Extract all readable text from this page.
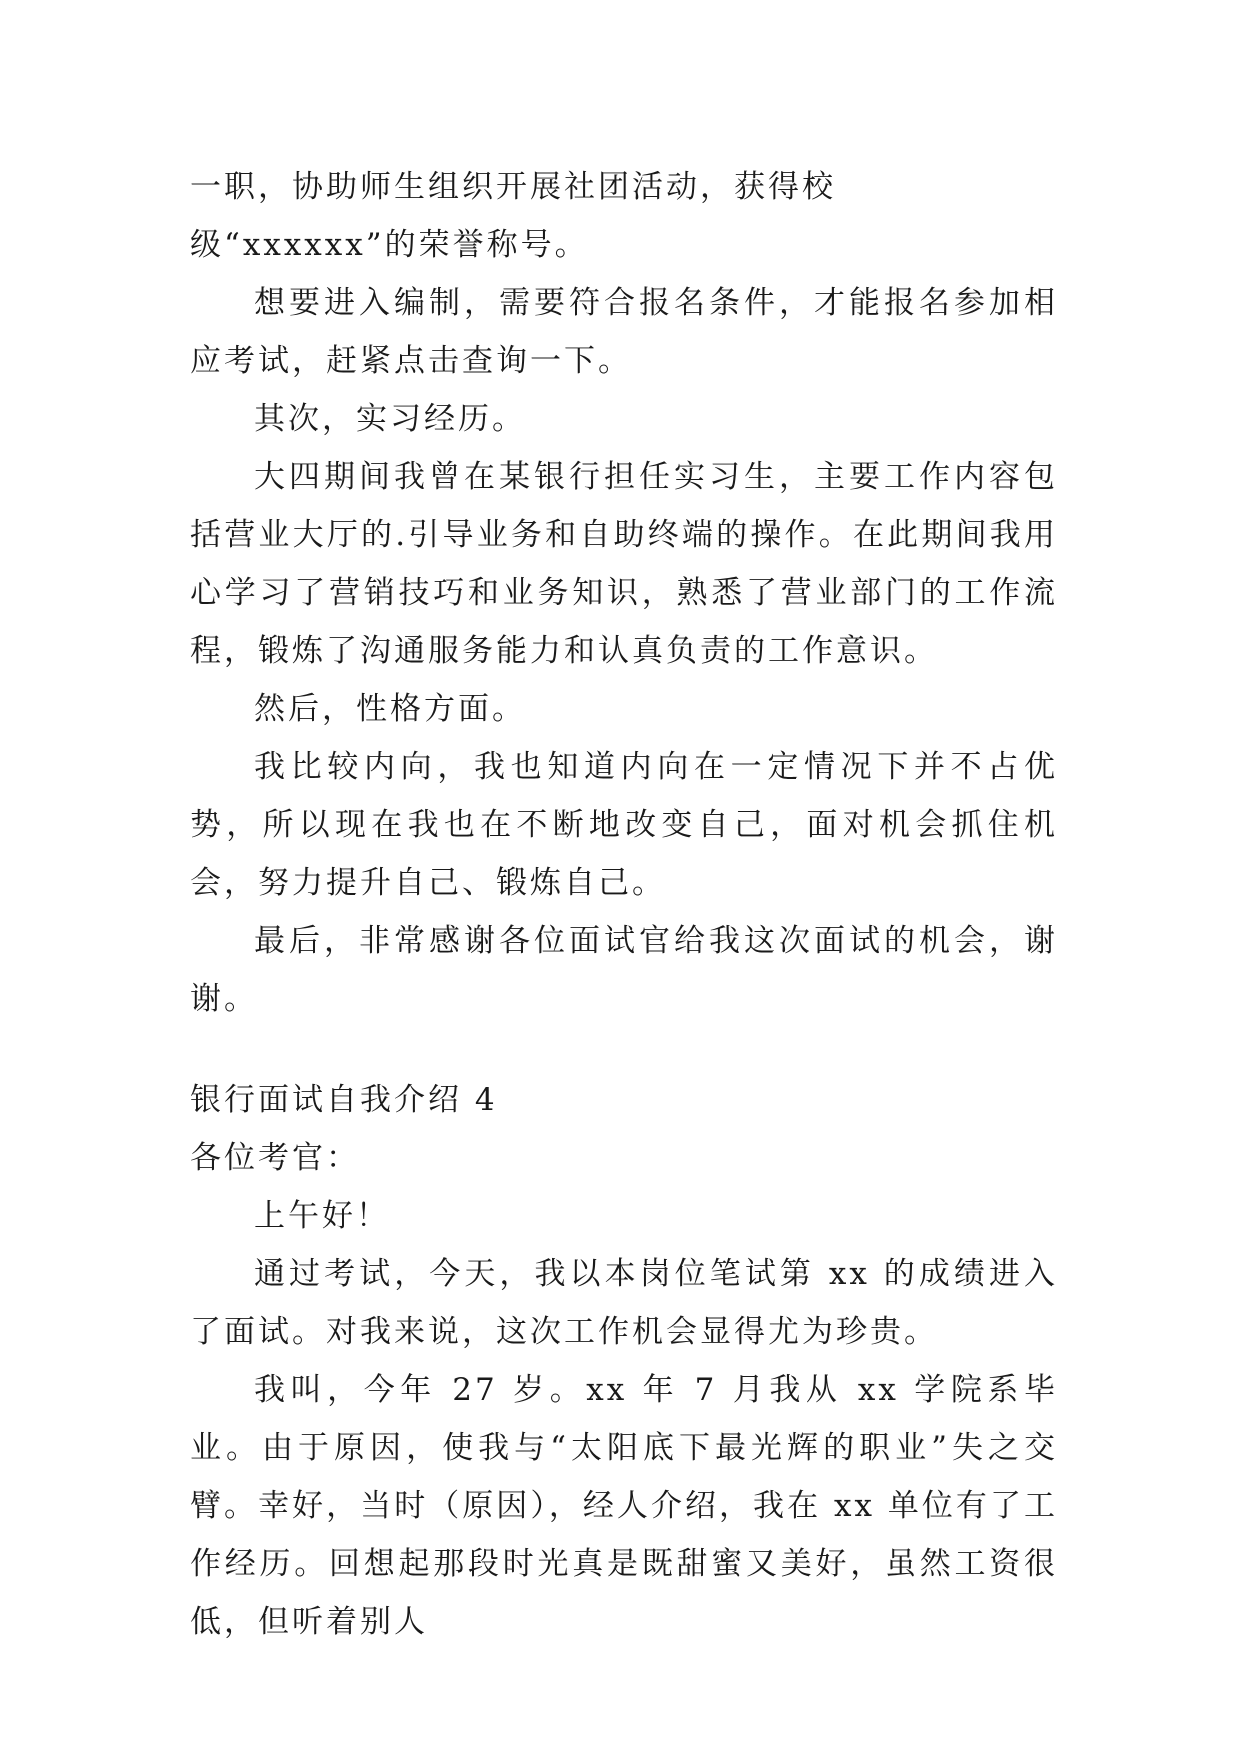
一职，协助师生组织开展社团活动，获得校级“xxxxxx”的荣誉称号。

想要进入编制，需要符合报名条件，才能报名参加相应考试，赶紧点击查询一下。

其次，实习经历。

大四期间我曾在某银行担任实习生，主要工作内容包括营业大厅的.引导业务和自助终端的操作。在此期间我用心学习了营销技巧和业务知识，熟悉了营业部门的工作流程，锻炼了沟通服务能力和认真负责的工作意识。

然后，性格方面。

我比较内向，我也知道内向在一定情况下并不占优势，所以现在我也在不断地改变自己，面对机会抓住机会，努力提升自己、锻炼自己。

最后，非常感谢各位面试官给我这次面试的机会，谢谢。

银行面试自我介绍 4

各位考官：

上午好！

通过考试，今天，我以本岗位笔试第 xx 的成绩进入了面试。对我来说，这次工作机会显得尤为珍贵。

我叫，今年 27 岁。xx 年 7 月我从 xx 学院系毕业。由于原因，使我与“太阳底下最光辉的职业”失之交臂。幸好，当时（原因），经人介绍，我在 xx 单位有了工作经历。回想起那段时光真是既甜蜜又美好，虽然工资很低，但听着别人
